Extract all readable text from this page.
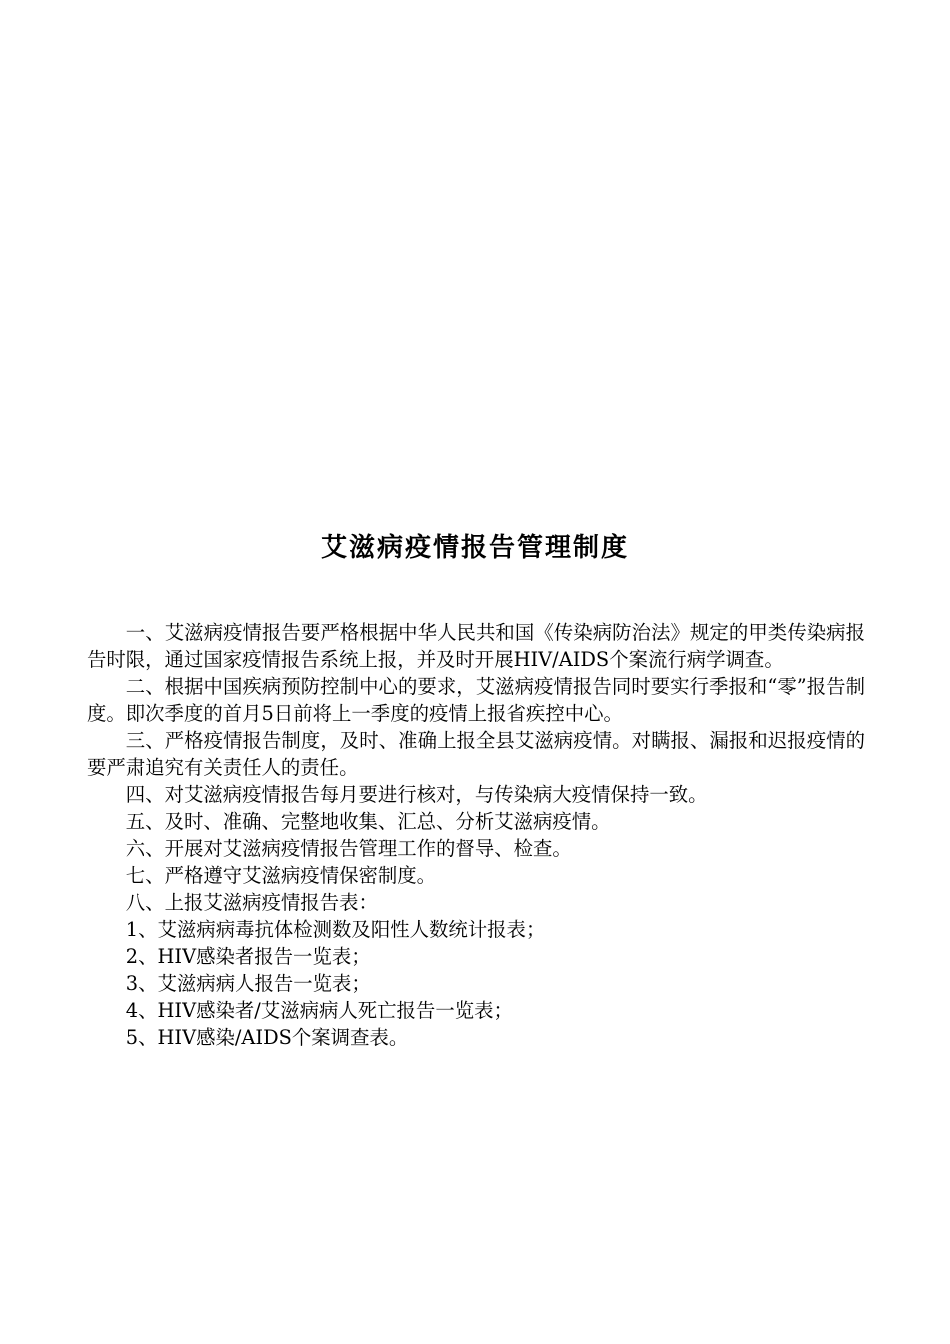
艾滋病疫情报告管理制度

一、艾滋病疫情报告要严格根据中华人民共和国《传染病防治法》规定的甲类传染病报告时限，通过国家疫情报告系统上报，并及时开展HIV/AIDS个案流行病学调查。

二、根据中国疾病预防控制中心的要求，艾滋病疫情报告同时要实行季报和“零”报告制度。即次季度的首月5日前将上一季度的疫情上报省疾控中心。

三、严格疫情报告制度，及时、准确上报全县艾滋病疫情。对瞒报、漏报和迟报疫情的要严肃追究有关责任人的责任。

四、对艾滋病疫情报告每月要进行核对，与传染病大疫情保持一致。

五、及时、准确、完整地收集、汇总、分析艾滋病疫情。

六、开展对艾滋病疫情报告管理工作的督导、检查。

七、严格遵守艾滋病疫情保密制度。

八、上报艾滋病疫情报告表：

1、艾滋病病毒抗体检测数及阳性人数统计报表；

2、HIV感染者报告一览表；

3、艾滋病病人报告一览表；

4、HIV感染者/艾滋病病人死亡报告一览表；

5、HIV感染/AIDS个案调查表。
